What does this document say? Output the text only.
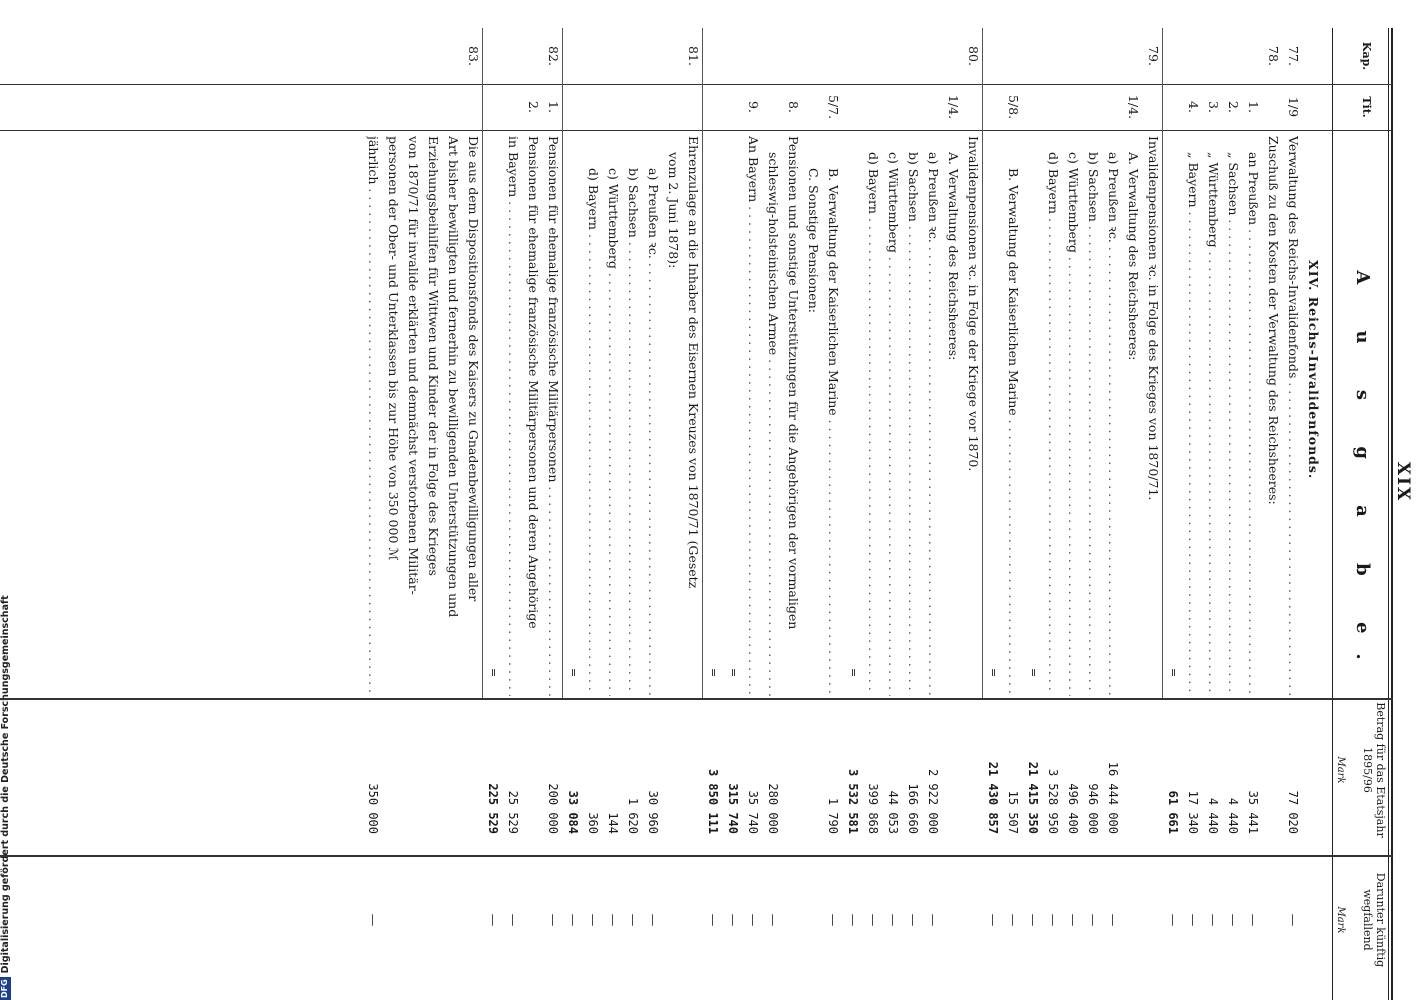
DFG
Digitalisierung gefördert durch die Deutsche Forschungsgemeinschaft
XIX
Kap.
Tit.
A u s g a b e.
Betrag für das Etatsjahr 1895/96
Mark
Darunter künftig wegfallend
Mark
XIV. Reichs-Invalidenfonds.
77.
1/9
Verwaltung des Reichs-Invalidenfonds . . .
77 020
—
78.
Zuschuß zu den Kosten der Verwaltung des Reichsheeres:
1.
an Preußen . . .
35 441
—
2.
„ Sachsen . . .
4 440
—
3.
„ Württemberg . . .
4 440
—
4.
„ Bayern . . .
17 340
—
=
61 661
—
79.
Invalidenpensionen ꝛc. in Folge des Krieges von 1870/71.
1/4.
A. Verwaltung des Reichsheeres:
a) Preußen ꝛc. . . .
16 444 000
—
b) Sachsen . . .
946 000
—
c) Württemberg . . .
496 400
—
d) Bayern . . .
3 528 950
—
=
21 415 350
—
5/8.
B. Verwaltung der Kaiserlichen Marine . . .
15 507
—
=
21 430 857
—
80.
Invalidenpensionen ꝛc. in Folge der Kriege vor 1870.
1/4.
A. Verwaltung des Reichsheeres:
a) Preußen ꝛc. . . .
2 922 000
—
b) Sachsen . . .
166 660
—
c) Württemberg . . .
44 053
—
d) Bayern . . .
399 868
—
=
3 532 581
—
5/7.
B. Verwaltung der Kaiserlichen Marine . . .
1 790
—
C. Sonstige Pensionen:
8.
Pensionen und sonstige Unterstützungen für die Angehörigen der vormaligen
schleswig-holsteinischen Armee . . .
280 000
—
9.
An Bayern . . .
35 740
—
=
315 740
—
=
3 850 111
—
81.
Ehrenzulage an die Inhaber des Eisernen Kreuzes von 1870/71 (Gesetz
vom 2. Juni 1878):
a) Preußen ꝛc. . . .
30 960
—
b) Sachsen . . .
1 620
—
c) Württemberg . . .
144
—
d) Bayern . . .
360
—
=
33 084
—
82.
1.
Pensionen für ehemalige französische Militärpersonen . . .
200 000
—
2.
Pensionen für ehemalige französische Militärpersonen und deren Angehörige
in Bayern . . .
25 529
—
=
225 529
—
83.
Die aus dem Dispositionsfonds des Kaisers zu Gnadenbewilligungen aller
Art bisher bewilligten und fernerhin zu bewilligenden Unterstützungen und
Erziehungsbeihilfen für Wittwen und Kinder der in Folge des Krieges
von 1870/71 für invalide erklärten und demnächst verstorbenen Militär-
personen der Ober- und Unterklassen bis zur Höhe von 350 000 ℳ
jährlich . . .
350 000
—
